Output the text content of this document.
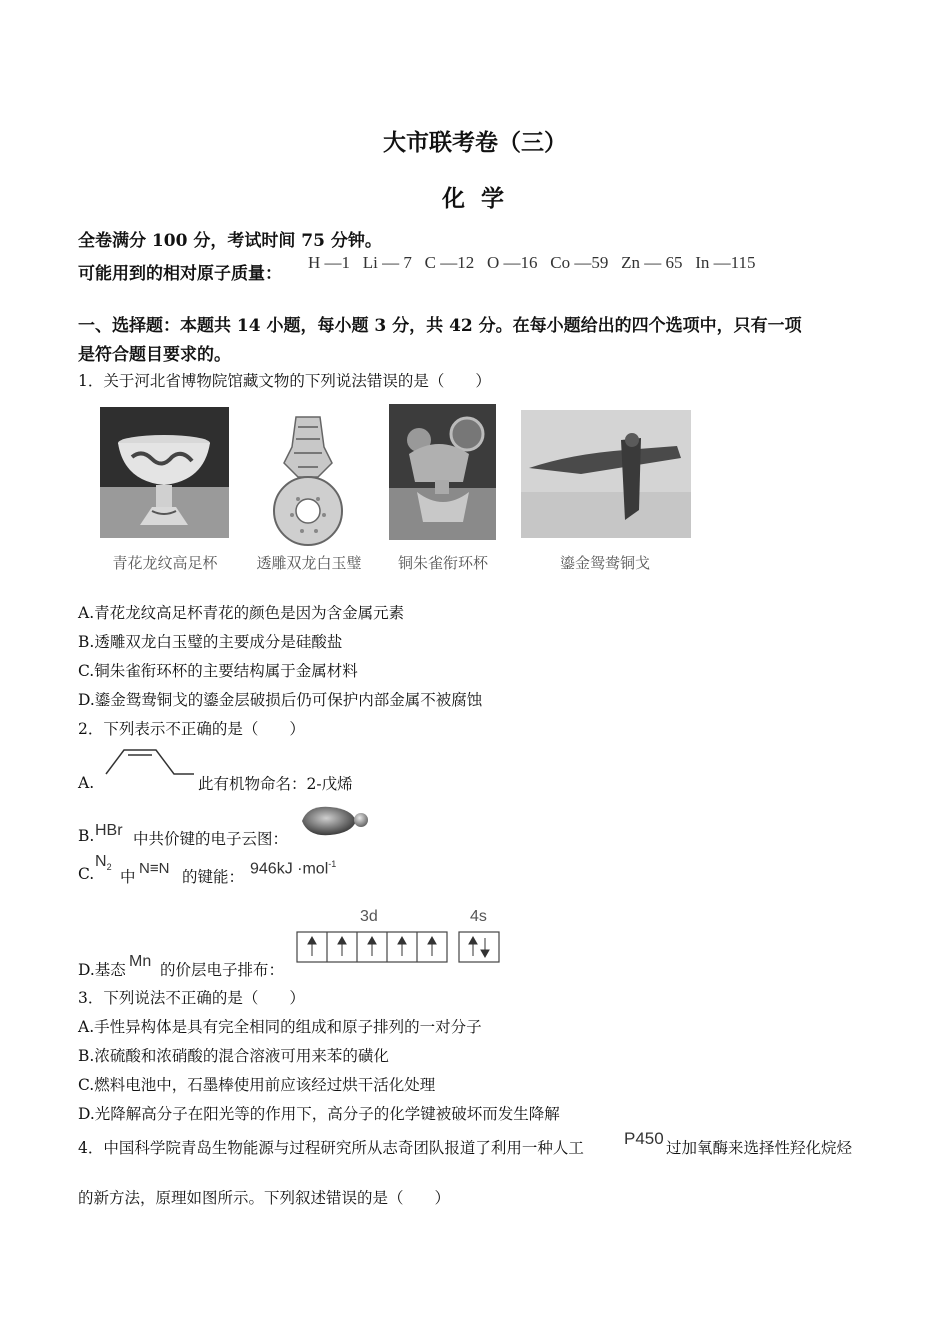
大市联考卷（三）
化 学
全卷满分 100 分，考试时间 75 分钟。
可能用到的相对原子质量：
H —1   Li — 7   C —12   O —16   Co —59   Zn — 65   In —115
一、选择题：本题共 14 小题，每小题 3 分，共 42 分。在每小题给出的四个选项中，只有一项
是符合题目要求的。
1．关于河北省博物院馆藏文物的下列说法错误的是（　　）
青花龙纹高足杯	透雕双龙白玉璧	铜朱雀衔环杯	鎏金鸳鸯铜戈
A.青花龙纹高足杯青花的颜色是因为含金属元素
B.透雕双龙白玉璧的主要成分是硅酸盐
C.铜朱雀衔环杯的主要结构属于金属材料
D.鎏金鸳鸯铜戈的鎏金层破损后仍可保护内部金属不被腐蚀
2．下列表示不正确的是（　　）
A.	此有机物命名：2-戊烯
B. HBr 中共价键的电子云图：
C.
$N_2$
中 N≡N 的键能： 946kJ ·mol$^{-1}$
3d	4s
D.基态 Mn 的价层电子排布：
3．下列说法不正确的是（　　）
A.手性异构体是具有完全相同的组成和原子排列的一对分子
B.浓硫酸和浓硝酸的混合溶液可用来苯的磺化
C.燃料电池中，石墨棒使用前应该经过烘干活化处理
D.光降解高分子在阳光等的作用下，高分子的化学键被破坏而发生降解
4．中国科学院青岛生物能源与过程研究所从志奇团队报道了利用一种人工 P450 过加氧酶来选择性羟化烷烃
的新方法，原理如图所示。下列叙述错误的是（　　）
